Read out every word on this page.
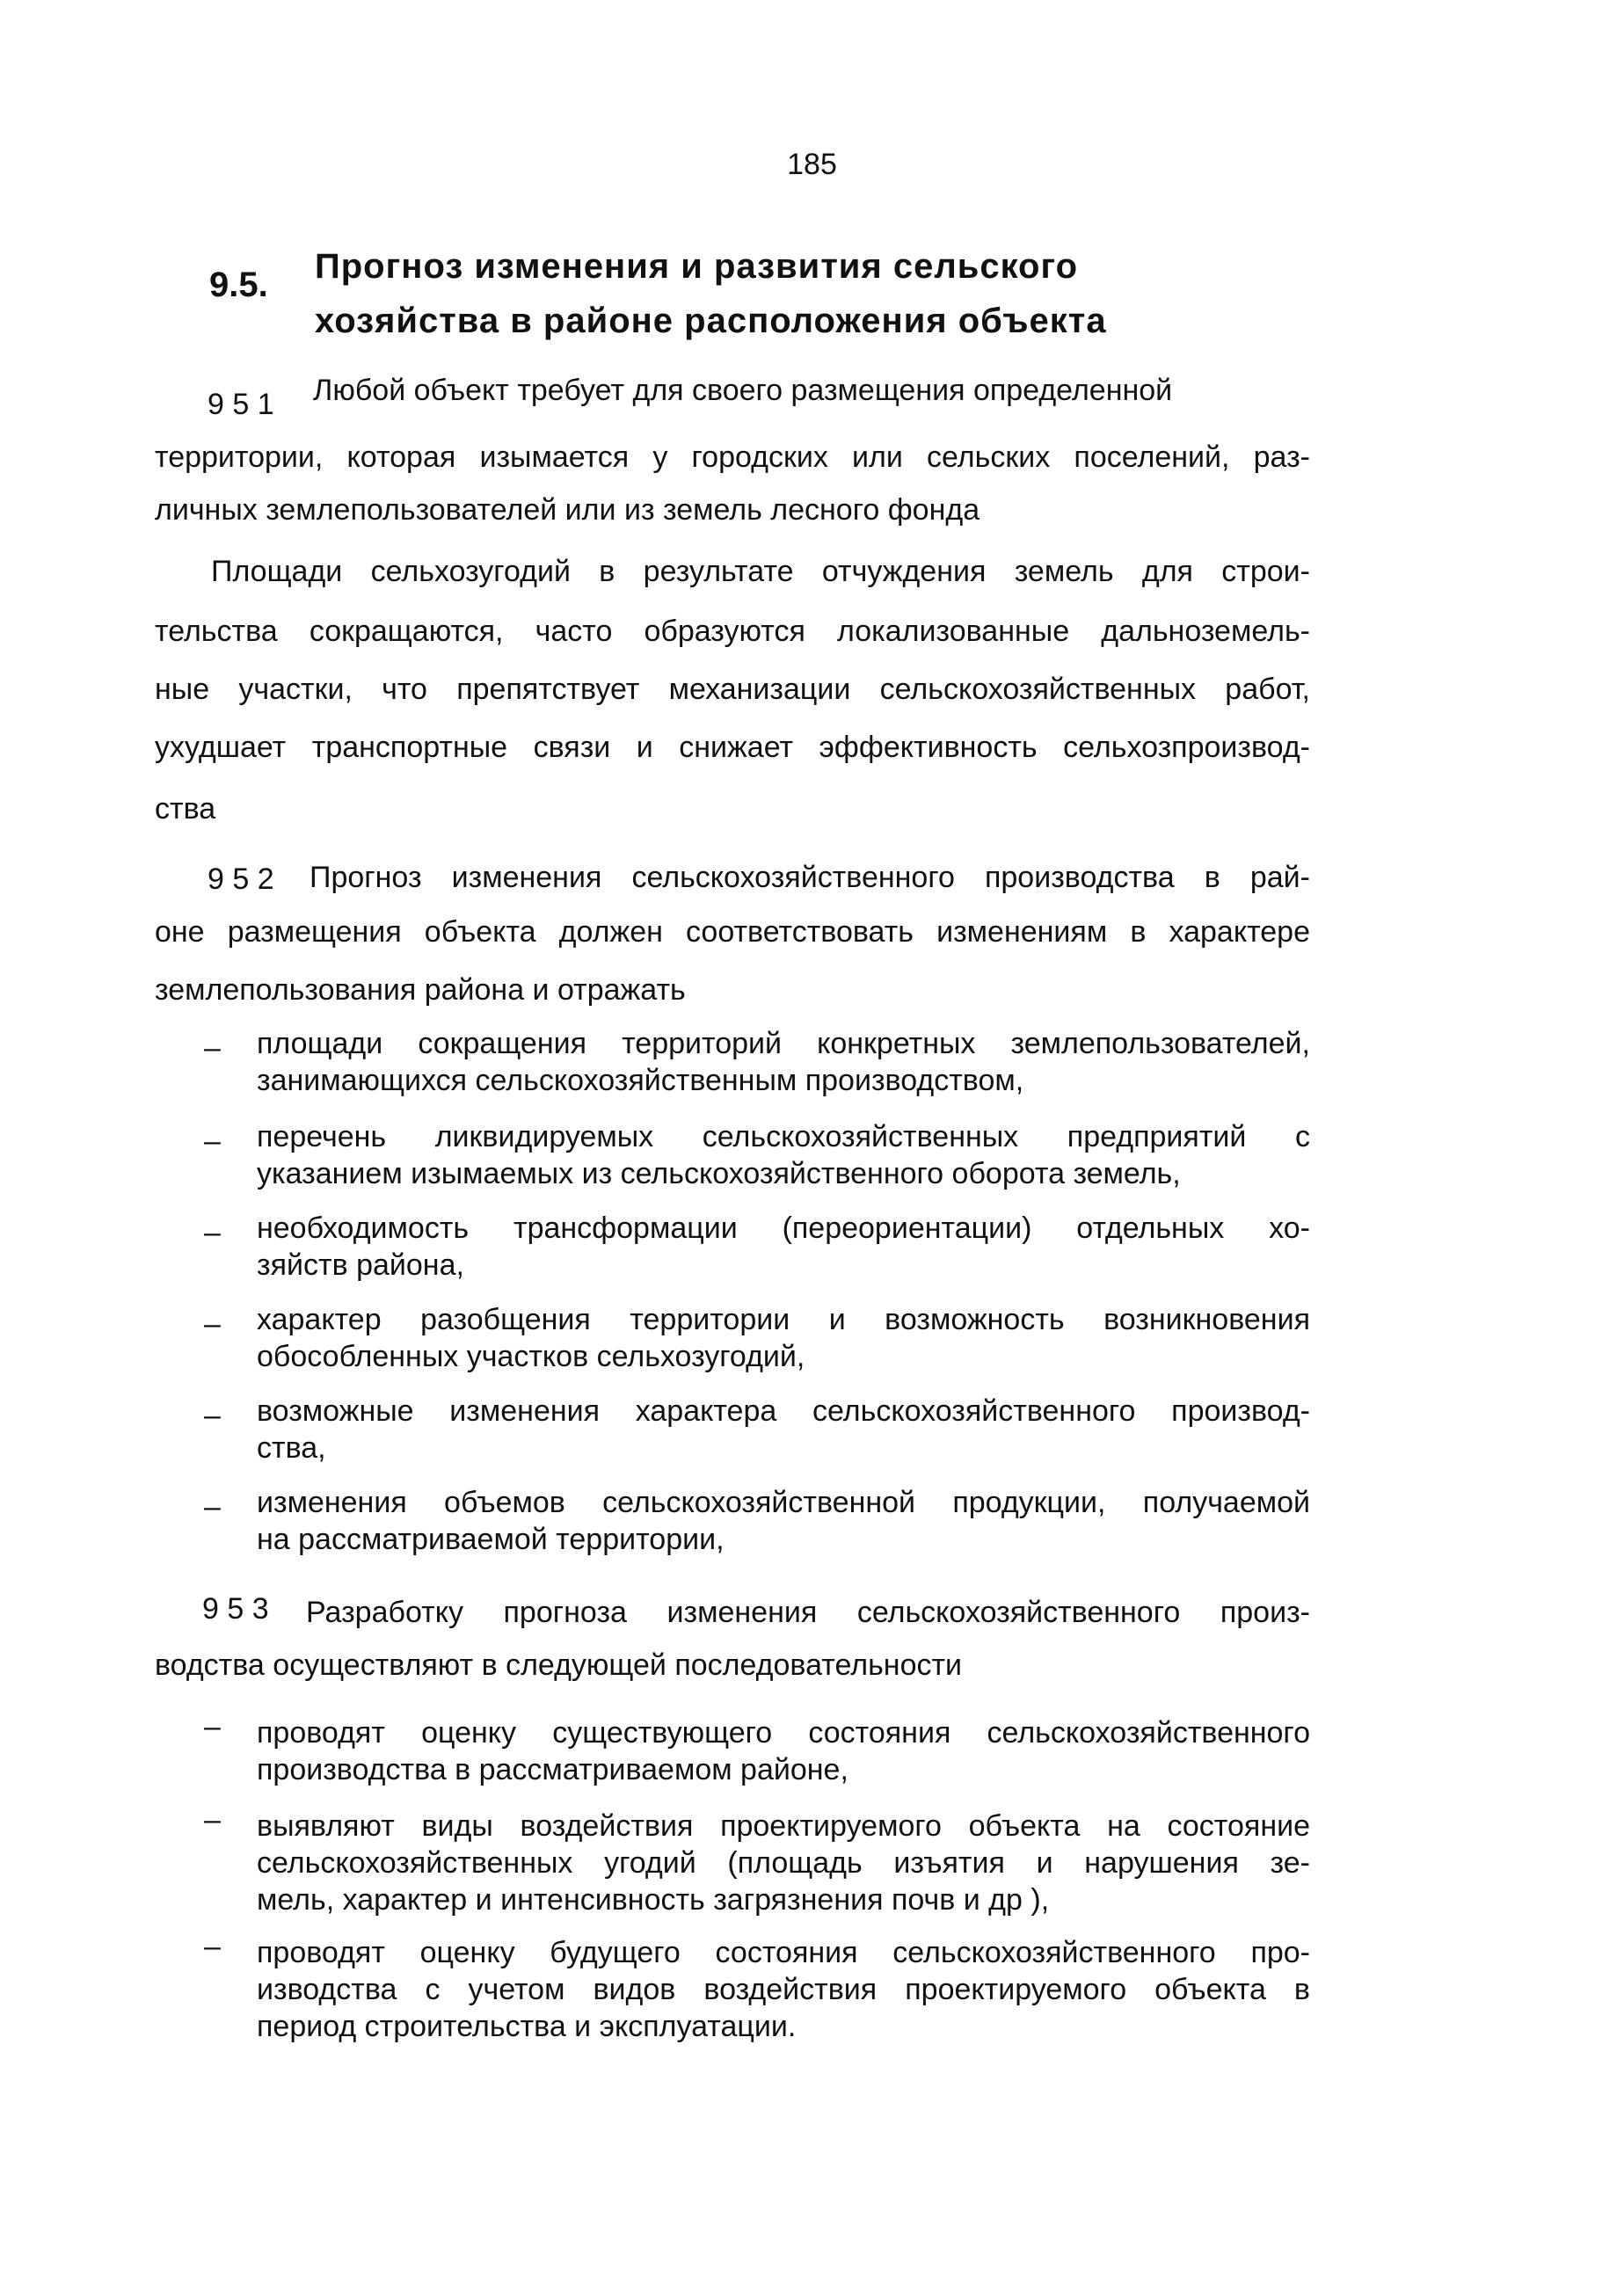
185
9.5. Прогноз изменения и развития сельского
хозяйства в районе расположения объекта
9 5 1 Любой объект требует для своего размещения определенной
территории, которая изымается у городских или сельских поселений, раз-
личных землепользователей или из земель лесного фонда
Площади сельхозугодий в результате отчуждения земель для строи-
тельства сокращаются, часто образуются локализованные дальноземель-
ные участки, что препятствует механизации сельскохозяйственных работ,
ухудшает транспортные связи и снижает эффективность сельхозпроизвод-
ства
9 5 2 Прогноз изменения сельскохозяйственного производства в рай-
оне размещения объекта должен соответствовать изменениям в характере
землепользования района и отражать
– площади сокращения территорий конкретных землепользователей,
занимающихся сельскохозяйственным производством,
– перечень ликвидируемых сельскохозяйственных предприятий с
указанием изымаемых из сельскохозяйственного оборота земель,
– необходимость трансформации (переориентации) отдельных хо-
зяйств района,
– характер разобщения территории и возможность возникновения
обособленных участков сельхозугодий,
– возможные изменения характера сельскохозяйственного производ-
ства,
– изменения объемов сельскохозяйственной продукции, получаемой
на рассматриваемой территории,
9 5 3 Разработку прогноза изменения сельскохозяйственного произ-
водства осуществляют в следующей последовательности
– проводят оценку существующего состояния сельскохозяйственного
производства в рассматриваемом районе,
– выявляют виды воздействия проектируемого объекта на состояние
сельскохозяйственных угодий (площадь изъятия и нарушения зе-
мель, характер и интенсивность загрязнения почв и др ),
– проводят оценку будущего состояния сельскохозяйственного про-
изводства с учетом видов воздействия проектируемого объекта в
период строительства и эксплуатации.
